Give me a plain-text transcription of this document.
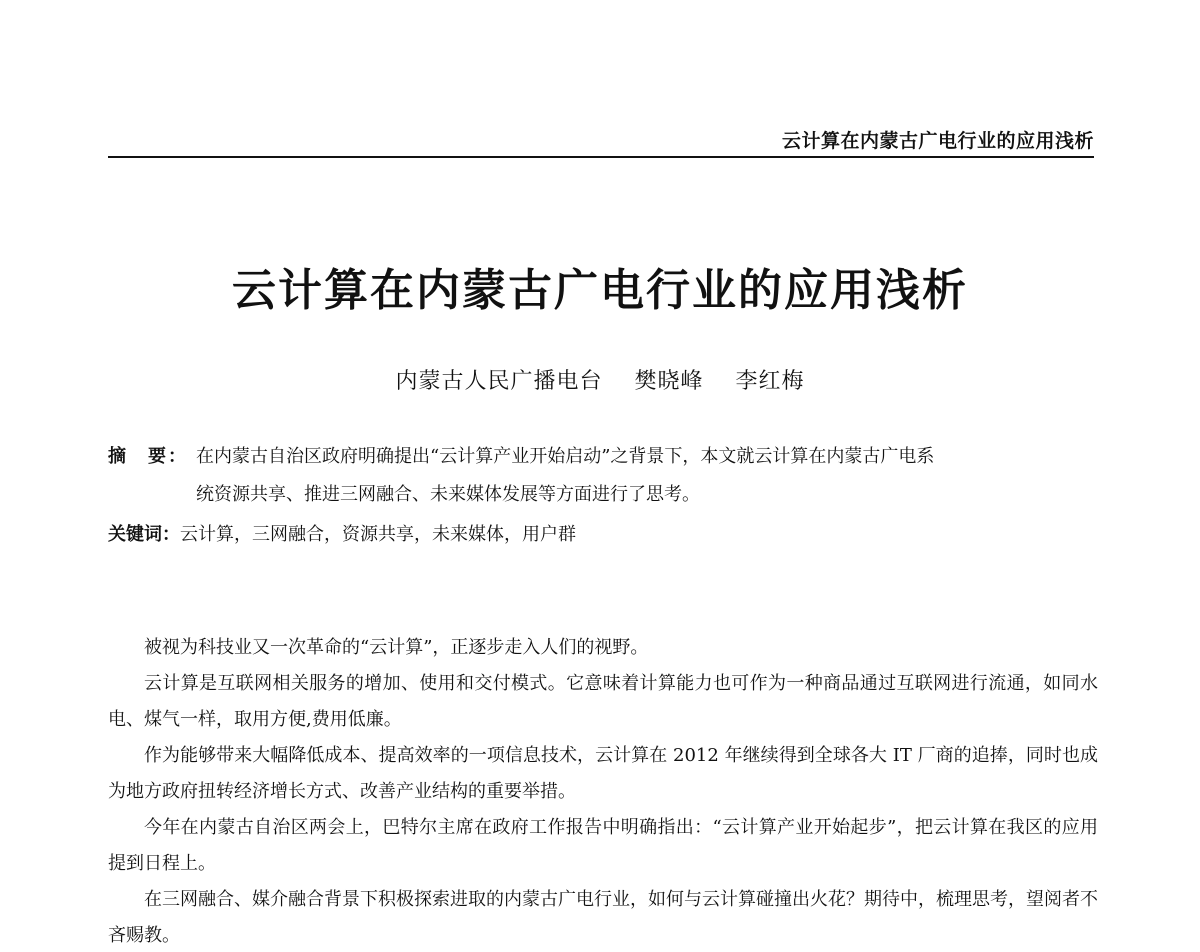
云计算在内蒙古广电行业的应用浅析
云计算在内蒙古广电行业的应用浅析
内蒙古人民广播电台 樊晓峰 李红梅
摘　要： 在内蒙古自治区政府明确提出“云计算产业开始启动”之背景下，本文就云计算在内蒙古广电系
统资源共享、推进三网融合、未来媒体发展等方面进行了思考。
关键词：云计算，三网融合，资源共享，未来媒体，用户群

被视为科技业又一次革命的“云计算”，正逐步走入人们的视野。

云计算是互联网相关服务的增加、使用和交付模式。它意味着计算能力也可作为一种商品通过互联网进行流通，如同水电、煤气一样，取用方便,费用低廉。

作为能够带来大幅降低成本、提高效率的一项信息技术，云计算在 2012 年继续得到全球各大 IT 厂商的追捧，同时也成为地方政府扭转经济增长方式、改善产业结构的重要举措。

今年在内蒙古自治区两会上，巴特尔主席在政府工作报告中明确指出：“云计算产业开始起步”，把云计算在我区的应用提到日程上。

在三网融合、媒介融合背景下积极探索进取的内蒙古广电行业，如何与云计算碰撞出火花？期待中，梳理思考，望阅者不吝赐教。
